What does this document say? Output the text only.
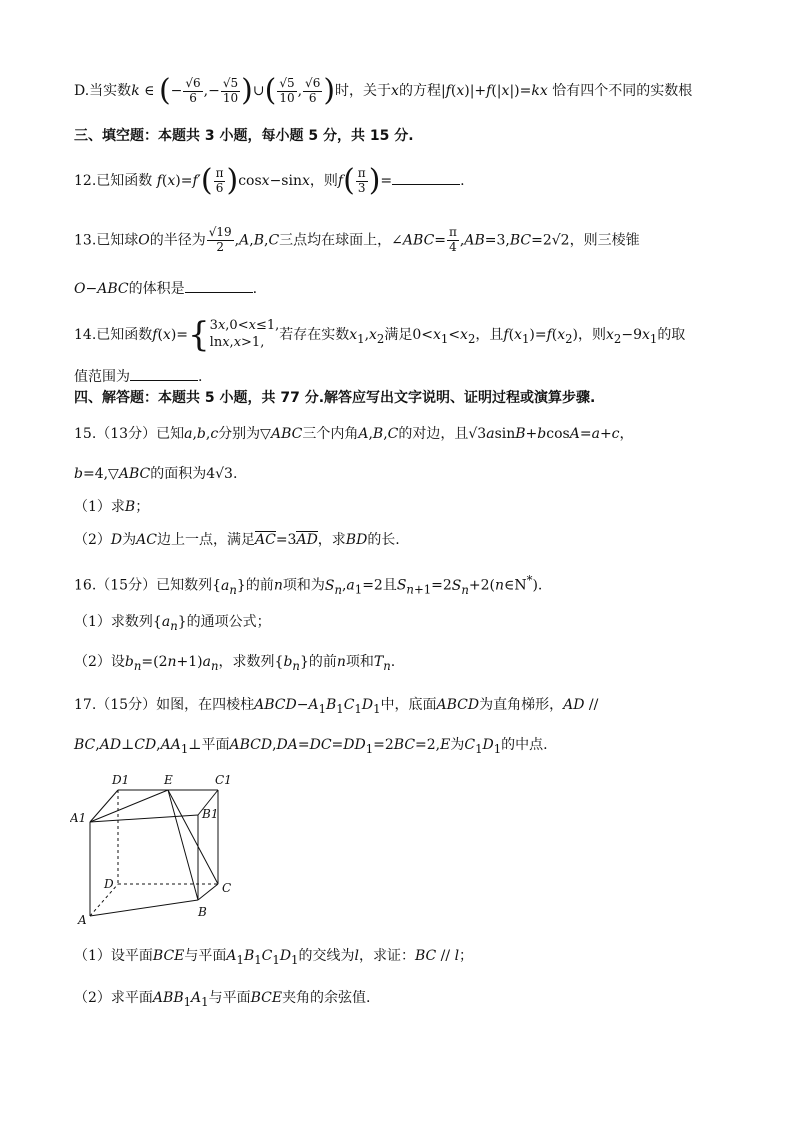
D.当实数k ∈ (− $\frac{√6}{6}$ ,− $\frac{√5}{10}$ )∪( $\frac{√5}{10}$ , $\frac{√6}{6}$ )时，关于x的方程|f(x)|+f(|x|)=kx 恰有四个不同的实数根
三、填空题：本题共 3 小题，每小题 5 分，共 15 分.
12.已知函数 $f(x)=f'( \frac{\pi}{6} )\cos x-\sin x$，则$f( \frac{\pi}{3}$ )=	.
13.已知球O的半径为 $\frac{√19}{2} ,A,B,C$三点均在球面上，∠ABC= $\frac{\pi}{4} ,AB=3,BC=2√2$，则三棱锥
O−ABC的体积是	.
14.已知函数f(x)={ 3x,0<x≤1,
lnx,x>1,	若存在实数$x_1,x_2$满足$0<x_1<x_2$，且$f(x_1)=f(x_2)$，则$x_2-9x_1$的取
值范围为	.
四、解答题：本题共 5 小题，共 77 分.解答应写出文字说明、证明过程或演算步骤.
15.（13分）已知a,b,c分别为▽ABC三个内角A,B,C的对边，且√3asinB+bcosA=a+c，
b=4,▽ABC的面积为4√3.
（1）求B；
（2）D为AC边上一点，满足AC=3AD，求BD的长.
16.（15分）已知数列$\{a_n\}$的前n项和为$S_n,a_1=2$且$S_{n+1}=2S_n+2(n\in N^*)$.
（1）求数列$\{a_n\}$的通项公式；
（2）设$b_n=(2n+1)a_n$，求数列$\{b_n\}$的前n项和$T_n$.
17.（15分）如图，在四棱柱$ABCD-A_1B_1C_1D_1$中，底面ABCD为直角梯形，AD //
$BC,AD\perp CD,AA_1\perp$平面$ABCD,DA=DC=DD_1=2BC=2,E$为$C_1D_1$的中点.
D1	E	C1
A1	B1
D	C
A
B
（1）设平面BCE与平面$A_1B_1C_1D_1$的交线为l，求证：BC // l；
（2）求平面$ABB_1A_1$与平面BCE夹角的余弦值.
